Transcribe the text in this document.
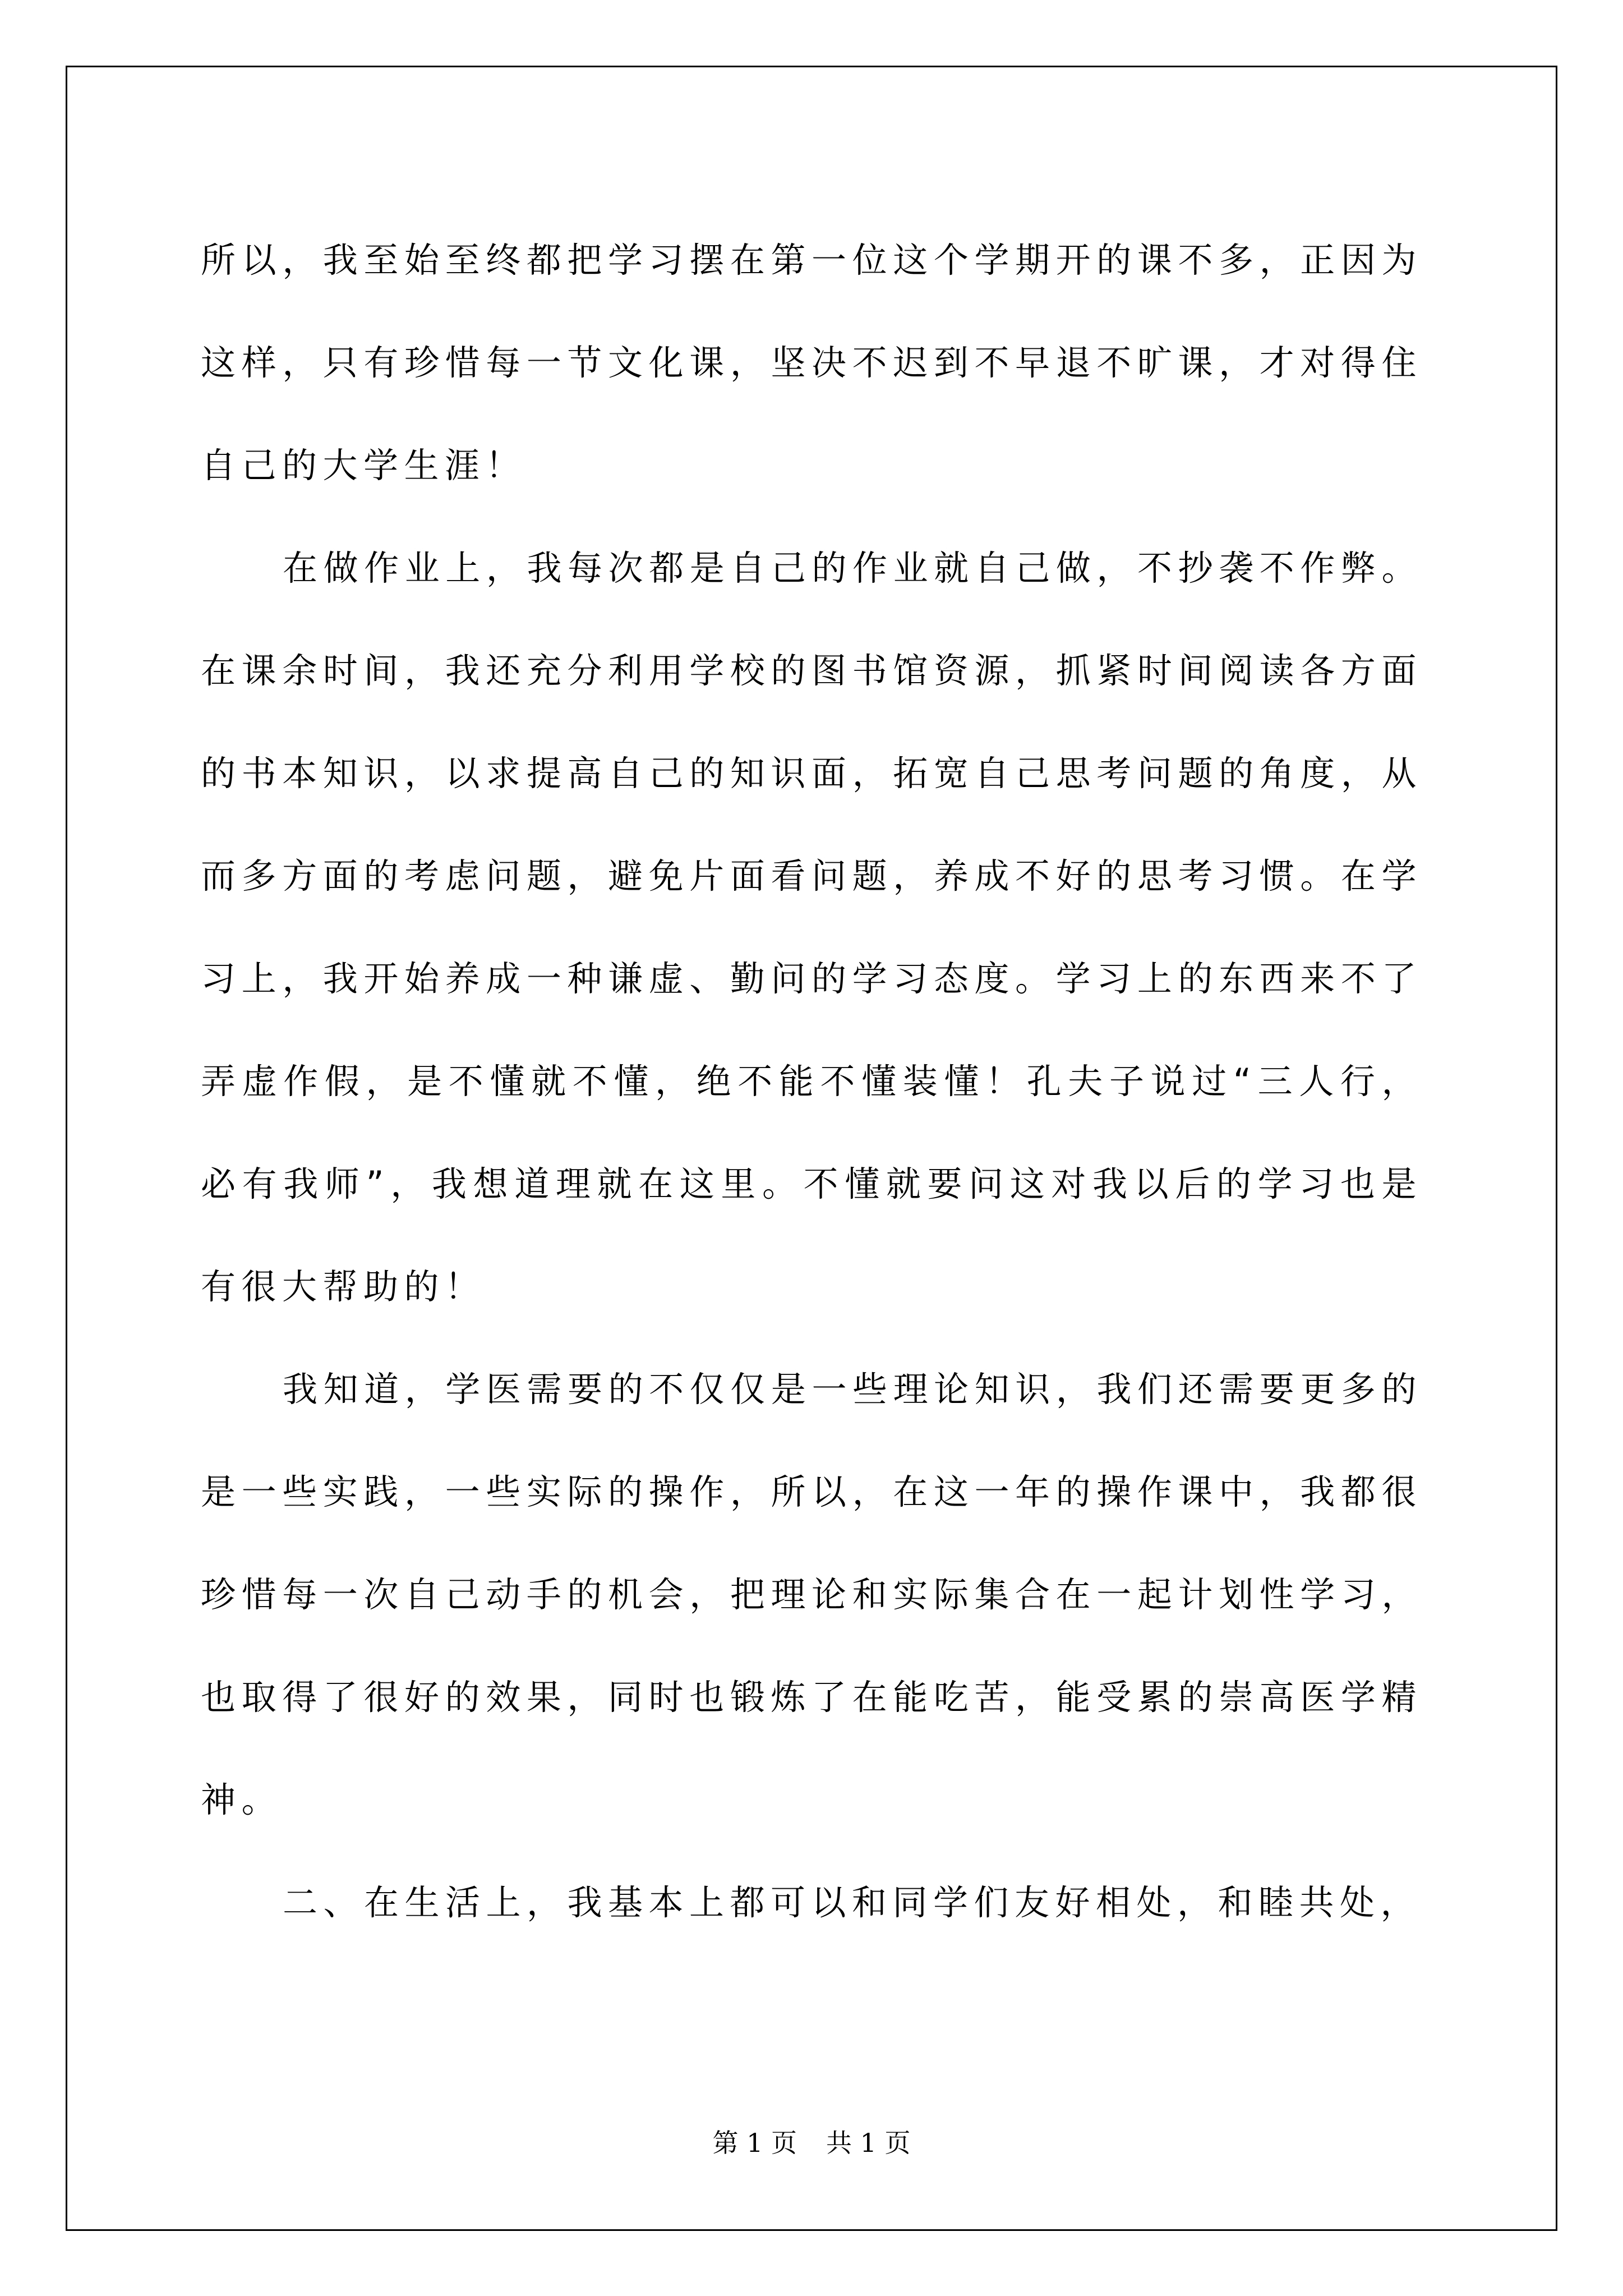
所以，我至始至终都把学习摆在第一位这个学期开的课不多，正因为这样，只有珍惜每一节文化课，坚决不迟到不早退不旷课，才对得住自己的大学生涯！

在做作业上，我每次都是自己的作业就自己做，不抄袭不作弊。在课余时间，我还充分利用学校的图书馆资源，抓紧时间阅读各方面的书本知识，以求提高自己的知识面，拓宽自己思考问题的角度，从而多方面的考虑问题，避免片面看问题，养成不好的思考习惯。在学习上，我开始养成一种谦虚、勤问的学习态度。学习上的东西来不了弄虚作假，是不懂就不懂，绝不能不懂装懂！孔夫子说过“三人行，必有我师”，我想道理就在这里。不懂就要问这对我以后的学习也是有很大帮助的！

我知道，学医需要的不仅仅是一些理论知识，我们还需要更多的是一些实践，一些实际的操作，所以，在这一年的操作课中，我都很珍惜每一次自己动手的机会，把理论和实际集合在一起计划性学习，也取得了很好的效果，同时也锻炼了在能吃苦，能受累的崇高医学精神。

二、在生活上，我基本上都可以和同学们友好相处，和睦共处，

第 1 页 共 1 页
